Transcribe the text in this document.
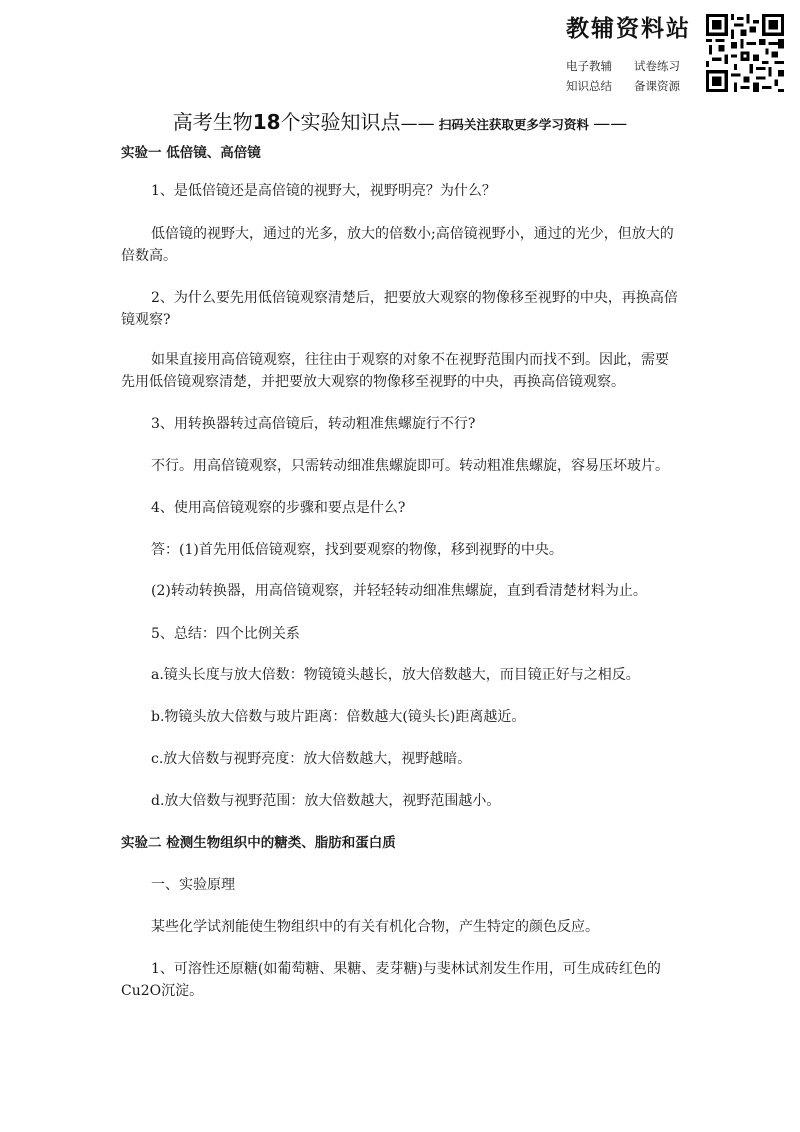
教辅资料站
电子教辅	试卷练习
知识总结	备课资源
高考生物18个实验知识点—— 扫码关注获取更多学习资料 ——

实验一 低倍镜、高倍镜

1、是低倍镜还是高倍镜的视野大，视野明亮？为什么？

低倍镜的视野大，通过的光多，放大的倍数小;高倍镜视野小，通过的光少，但放大的倍数高。

2、为什么要先用低倍镜观察清楚后，把要放大观察的物像移至视野的中央，再换高倍镜观察?

如果直接用高倍镜观察，往往由于观察的对象不在视野范围内而找不到。因此，需要先用低倍镜观察清楚，并把要放大观察的物像移至视野的中央，再换高倍镜观察。

3、用转换器转过高倍镜后，转动粗准焦螺旋行不行?

不行。用高倍镜观察，只需转动细准焦螺旋即可。转动粗准焦螺旋，容易压坏玻片。

4、使用高倍镜观察的步骤和要点是什么?

答：(1)首先用低倍镜观察，找到要观察的物像，移到视野的中央。

(2)转动转换器，用高倍镜观察，并轻轻转动细准焦螺旋，直到看清楚材料为止。

5、总结：四个比例关系

a.镜头长度与放大倍数：物镜镜头越长，放大倍数越大，而目镜正好与之相反。

b.物镜头放大倍数与玻片距离：倍数越大(镜头长)距离越近。

c.放大倍数与视野亮度：放大倍数越大，视野越暗。

d.放大倍数与视野范围：放大倍数越大，视野范围越小。

实验二 检测生物组织中的糖类、脂肪和蛋白质

一、实验原理

某些化学试剂能使生物组织中的有关有机化合物，产生特定的颜色反应。

1、可溶性还原糖(如葡萄糖、果糖、麦芽糖)与斐林试剂发生作用，可生成砖红色的Cu2O沉淀。
